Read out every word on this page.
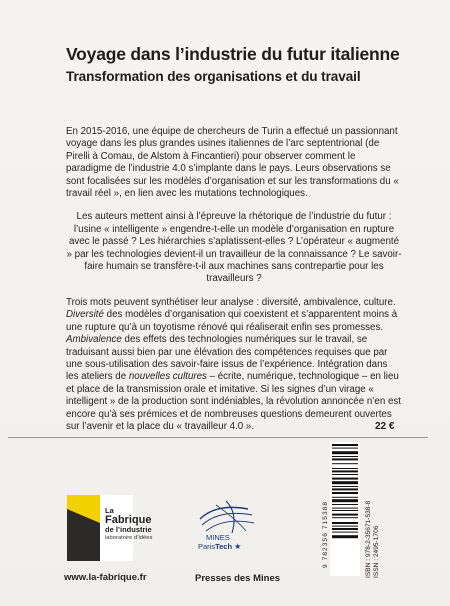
Voyage dans l’industrie du futur italienne
Transformation des organisations et du travail

En 2015-2016, une équipe de chercheurs de Turin a effectué un passionnant voyage dans les plus grandes usines italiennes de l’arc septentrional (de Pirelli à Comau, de Alstom à Fincantieri) pour observer comment le paradigme de l’industrie 4.0 s’implante dans le pays. Leurs observations se sont focalisées sur les modèles d’organisation et sur les transformations du « travail réel », en lien avec les mutations technologiques.

Les auteurs mettent ainsi à l’épreuve la rhétorique de l’industrie du futur : l’usine « intelligente » engendre-t-elle un modèle d’organisation en rupture avec le passé ? Les hiérarchies s’aplatissent-elles ? L’opérateur « augmenté » par les technologies devient-il un travailleur de la connaissance ? Le savoir-faire humain se transfère-t-il aux machines sans contrepartie pour les travailleurs ?

Trois mots peuvent synthétiser leur analyse : diversité, ambivalence, culture.
Diversité des modèles d’organisation qui coexistent et s’apparentent moins à une rupture qu’à un toyotisme rénové qui réaliserait enfin ses promesses.
Ambivalence des effets des technologies numériques sur le travail, se traduisant aussi bien par une élévation des compétences requises que par une sous-utilisation des savoir-faire issus de l’expérience. Intégration dans les ateliers de nouvelles cultures – écrite, numérique, technologique – en lieu et place de la transmission orale et imitative. Si les signes d’un virage « intelligent » de la production sont indéniables, la révolution annoncée n’en est encore qu’à ses prémices et de nombreuses questions demeurent ouvertes sur l’avenir et la place du « travailleur 4.0 ».	22 €
La
Fabrique
de l’industrie
laboratoire d’idées
www.la-fabrique.fr
MINES
ParisTech ★
Presses des Mines
9 782356 715388	ISBN : 978-2-35671-538-8 ISSN : 2495-1706
